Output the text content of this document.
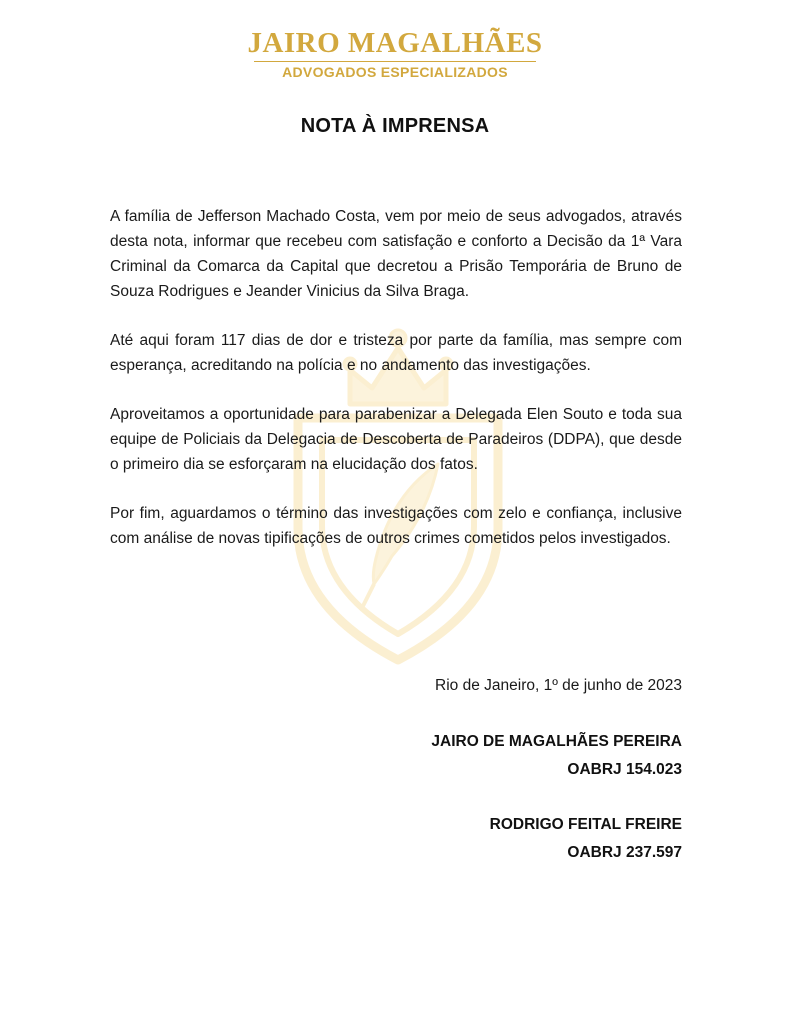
JAIRO MAGALHÃES
ADVOGADOS ESPECIALIZADOS
NOTA À IMPRENSA

A família de Jefferson Machado Costa, vem por meio de seus advogados, através desta nota, informar que recebeu com satisfação e conforto a Decisão da 1ª Vara Criminal da Comarca da Capital que decretou a Prisão Temporária de Bruno de Souza Rodrigues e Jeander Vinicius da Silva Braga.

Até aqui foram 117 dias de dor e tristeza por parte da família, mas sempre com esperança, acreditando na polícia e no andamento das investigações.

Aproveitamos a oportunidade para parabenizar a Delegada Elen Souto e toda sua equipe de Policiais da Delegacia de Descoberta de Paradeiros (DDPA), que desde o primeiro dia se esforçaram na elucidação dos fatos.

Por fim, aguardamos o término das investigações com zelo e confiança, inclusive com análise de novas tipificações de outros crimes cometidos pelos investigados.

Rio de Janeiro, 1º de junho de 2023
JAIRO DE MAGALHÃES PEREIRA
OABRJ 154.023
RODRIGO FEITAL FREIRE
OABRJ 237.597
